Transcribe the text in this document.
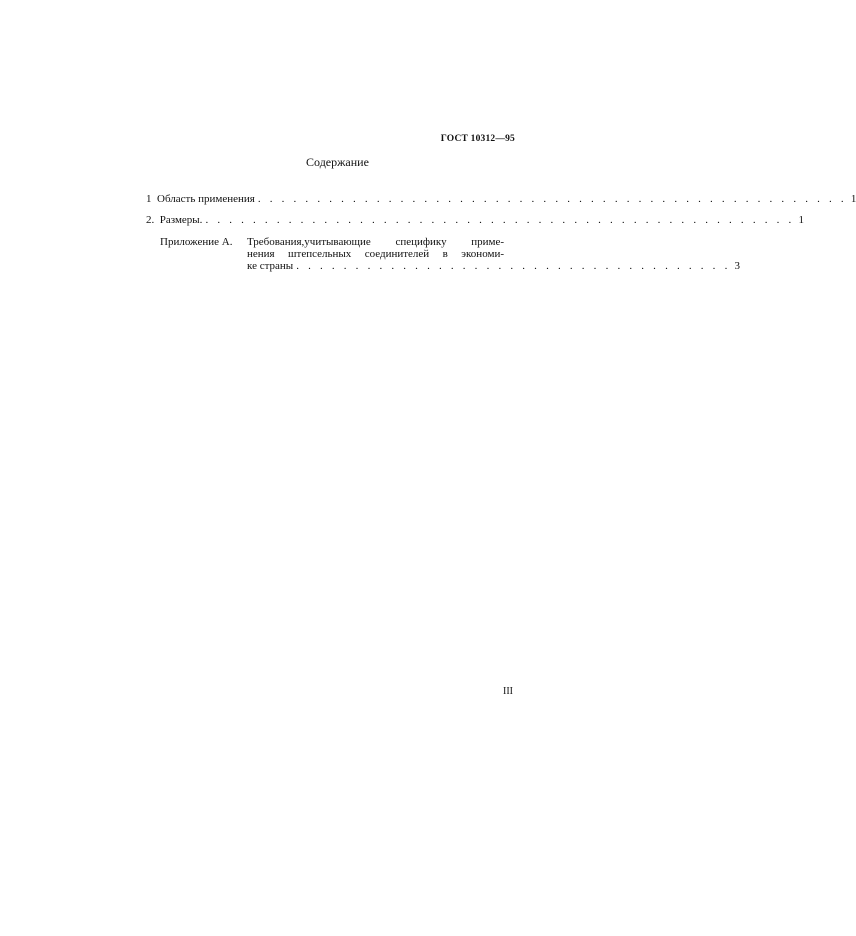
ГОСТ 10312—95
Содержание
1 Область применения . . . . . . . . . . . . . . . . . . . . . . . . . . . . . . . . . . . . . . . . . . . . . . . . . . 1
2. Размеры. . . . . . . . . . . . . . . . . . . . . . . . . . . . . . . . . . . . . . . . . . . . . . . . . . . 1
Приложение А. Требования,учитывающие специфику приме-
нения штепсельных соединителей в экономи-
ке страны . . . . . . . . . . . . . . . . . . . . . . . . . . . . . . . . . . . . . 3
III
